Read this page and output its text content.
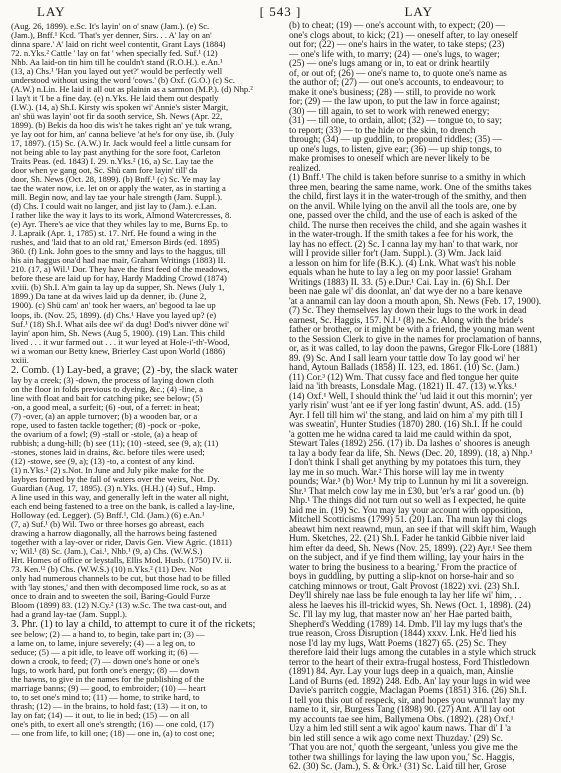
LAY	[ 543 ]	LAY
(Aug. 26, 1899). e.Sc. It's layin' on o' snaw (Jam.). (e) Sc.
(Jam.), Bnff.¹ Kcd. 'That's yer denner, Sirs. . . A' lay on an'
dinna spare.' A' laid on richt weel contentit, Grant Lays (1884)
72. n.Yks.² Cattle ' lay on fat ' when specially fed. Suf.¹ (12)
Nhb. Aa laid-on tin him till he couldn't stand (R.O.H.). e.An.¹
(13, a) Chs.¹ 'Han you layed out yet?' would be perfectly well
understood without using the word 'cows.' (b) Oxf. (G.O.) (c) Sc.
(A.W.) n.Lin. He laid it all out as plainin as a sarmon (M.P.). (d) Nhp.²
I lay't it 'I be a fine day. (e) n.Yks. He laid them out despatly
(I.W.). (14, a) Sh.I. Kirsty wis spoken wi' Annie's sister Margit,
an' shü was layin' oot fir da sooth service, Sh. News (Apr. 22,
1899). (b) Bekis da hoo dis wis't he takes right an' ye tuk wrang,
ye lay oot for him, an' canna believe 'at he's for ony üse, ib. (July
17, 1897). (15) Sc. (A.W.) Ir. Jack would feel a little cunsam for
not being able to lay past anything for the sore foot, Carleton
Traits Peas. (ed. 1843) I. 29. n.Yks.² (16, a) Sc. Lay tae the
door when ye gang oot, Sc. Shü cam fore layin' till' da
door, Sh. News (Oct. 28, 1899). (b) Bnff.¹ (c) Sc. Ye may lay
tae the water now, i.e. let on or apply the water, as in starting a
mill. Begin now, and lay tae your hale strength (Jam. Suppl.).
(d) Chs. I could wait no langer, and jist lay to (Jam.). e.Lan.
I rather like the way it lays to its work, Almond Watercresses, 8.
(e) Ayr. There's ae vice that they whiles lay to me, Burns Ep. to
J. Lapraik (Apr. 1, 1785) st. 17. Nrf. He found a wing in the
rushes, and 'laid that to an old rat,' Emerson Birds (ed. 1895)
360. (f) Lnk. John goes to the smny and lays to the haggus, till
his ain haggus ona'd had nae mair, Graham Writings (1883) II.
210. (17, a) Wil.¹ Dor. They have the first feed of the meadows,
before these are laid up for hay, Hardy Madding Crowd (1874)
xviii. (b) Sh.I. A'm gain ta lay up da supper, Sh. News (July 1,
1899.) Da tane at da wives laid up da denner, ib. (June 2,
1900). (c) Shü cam' an' took her waers, an' begood ta lae up
loops, ib. (Nov. 25, 1899). (d) Chs.¹ Have you layed up? (e)
Suf.¹ (18) Sh.I. What ails dee wi' da dug! Dod's nivver döne wi'
layin' apon him, Sh. News (Aug 5, 1900). (19) Lan. This child
lived . . . it wur farmed out . . . it wur leyed at Hole-i'-th'-Wood,
wi a woman our Betty knew, Brierley Cast upon World (1886)
xxiii.
2. Comb. (1) Lay-bed, a grave; (2) -by, the slack water
lay by a creek; (3) -down, the process of laying down cloth
on the floor in folds previous to dyeing, &c.; (4) -line, a
line with float and bait for catching pike; see below; (5)
-on, a good meal, a surfeit; (6) -out, of a ferret: in heat;
(7) -over, (a) an apple turnover; (b) a wooden bar, or a
rope, used to fasten tackle together; (8) -pock or -poke,
the ovarium of a fowl; (9) -stall or -stole, (a) a heap of
rubbish; a dung-hill; (b) see (11); (10) -steed, see (9, a); (11)
-stones, stones laid in drains, &c. before tiles were used;
(12) -stowe, see (9, a); (13) -to, a contest of any kind.
(1) n.Yks.² (2) s.Not. In June and July pike make for the
laybyes formed by the fall of waters over the weirs, Not. Dy.
Guardian (Aug. 17, 1895). (3) n.Yks. (H.H.) (4) Suf., Hmp.
A line used in this way, and generally left in the water all night,
each end being fastened to a tree on the bank, is called a lay-line,
Holloway (ed. Legger). (5) Bnff.¹, Cld. (Jam.) (6) e.An.¹
(7, a) Suf.¹ (b) Wil. Two or three horses go abreast, each
drawing a harrow diagonally, all the harrows being fastened
together with a lay-over or rider, Davis Gen. View Agric. (1811)
v; Wil.¹ (8) Sc. (Jam.), Cai.¹, Nhb.¹ (9, a) Chs. (W.W.S.)
Hrt. Homes of office or leystalls, Ellis Mod. Husb. (1750) IV. ii.
73. Ken.¹² (b) Chs. (W.W.S.) (10) n.Yks.² (11) Dev. Not
only had numerous channels to be cut, but those had to be filled
with 'lay stones,' and then with decomposed lime rock, so as at
once to drain and to sweeten the soil, Baring-Gould Furze
Bloom (1899) 83. (12) N.Cy.² (13) w.Sc. The twa cast-out, and
had a grand lay-tae (Jam. Suppl.).
3. Phr. (1) to lay a child, to attempt to cure it of the rickets;
see below; (2) — a hand to, to begin, take part in; (3) —
a lame on, to lame, injure severely; (4) — a leg on, to
seduce; (5) — a pit idle, to leave off working it; (6) —
down a crook, to feed; (7) — down one's hone or one's
lugs, to work hard, put forth one's energy; (8) — down
the hawns, to give in the names for the publishing of the
marriage banns; (9) — good, to embroider; (10) — heart
to, to set one's mind to; (11) — home, to strike hard, to
thrash; (12) — in the brains, to hold fast; (13) — it on, to
lay on fat; (14) — it out, to lie in bed; (15) — on all
one's pith, to exert all one's strength; (16) — one cold, (17)
— one from life, to kill one; (18) — one in, (a) to cost one;
(b) to cheat; (19) — one's account with, to expect; (20) —
one's clogs about, to kick; (21) — oneself after, to lay oneself
out for; (22) — one's hairs in the water, to take steps; (23)
— one's life with, to marry; (24) — one's lugs, to wager;
(25) — one's lugs amang or in, to eat or drink heartily
of, or out of; (26) — one's name to, to quote one's name as
the author of; (27) — out one's accounts, to endeavour; to
make it one's business; (28) — still, to provide no work
for; (29) — the law upon, to put the law in force against;
(30) — till again, to set to work with renewed energy;
(31) — till one, to ordain, allot; (32) — tongue to, to say;
to report; (33) — to the hide or the skin, to drench
through; (34) — up guddlin, to propound riddles; (35) —
up one's lugs, to listen, give ear; (36) — up ship tongs, to
make promises to oneself which are never likely to be
realized.
(1) Bnff.¹ The child is taken before sunrise to a smithy in which
three men, bearing the same name, work. One of the smiths takes
the child, first lays it in the water-trough of the smithy, and then
on the anvil. While lying on the anvil all the tools are, one by
one, passed over the child, and the use of each is asked of the
child. The nurse then receives the child, and she again washes it
in the water-trough. If the smith takes a fee for his work, the
lay has no effect. (2) Sc. I canna lay my han' to that wark, nor
will I provide siller for't (Jam. Suppl.). (3) Wm. Jack laid
a lesson on him for life (B.K.). (4) Lnk. What was't his noble
equals whan he hute to lay a leg on my poor lassie! Graham
Writings (1883) II. 33. (5) e.Dur.¹ Cai. Lay in. (6) Sh.I. Der
been nae gale wi' dis doonlat, an' dat wye der no a bare kenave
'at a annamil can lay doon a mouth apon, Sh. News (Feb. 17, 1900).
(7) Sc. They themselves lay down their lugs to the work in dead
earnest, Sc. Haggis, 157. N.I.¹ (8) ne.Sc. Along with the bride's
father or brother, or it might be with a friend, the young man went
to the Session Clerk to give in the names for proclamation of banns,
or, as it was called, to lay doon the pawns, Gregor Flk-Lore (1881)
89. (9) Sc. And I sall learn your tattle dow To lay good wi' her
hand, Aytoun Ballads (1858) II. 123, ed. 1861. (10) Sc. (Jam.)
(11) Cor.³ (12) Wm. That cussy face and fled tongue her quite
laid na 'ith breasts, Lonsdale Mag. (1821) II. 47. (13) w.Yks.¹
(14) Oxf.¹ Well, I should think the' 'ud laid it out this mornin'; yer
yarly risin' wust 'ant ee if yer long fastin' dwunt, AS. add. (15)
Ayr. I fell till him wi' the stang, and laid on him a' my pith till I
was sweatin', Hunter Studies (1870) 280. (16) Sh.I. If he could
'a gotten me he widna cared ta laid me cauld within da spot,
Stewart Tales (1892) 256. (17) ib. Da lashes o' shoores is aneugh
ta lay a body fear da life, Sh. News (Dec. 20, 1899). (18, a) Nhp.¹
I don't think I shall get anything by my potatoes this turn, they
lay me in so much. War.² This horse will lay me in twenty
pounds; War.³ (b) Wor.¹ My trip to Lunnun hy mi lit a sovereign.
Shr.¹ That melch cow lay me in £30, but 'er's a rar' good un. (b)
Nhp.¹ The things did not turn out so well as I expected, he quite
laid me in. (19) Sc. You may lay your account with opposition,
Mitchell Scotticisms (1799) 51. (20) Lan. Tha mun lay thi clogs
abeawt him next reawnd, mun, an see if that will skift him, Waugh
Hum. Sketches, 22. (21) Sh.I. Fader he tankid Gibbie niver laid
him efter da deed, Sh. News (Nov. 25, 1899). (22) Ayr.¹ See them
on the subject, and if ye find them willing, lay your hairs in the
water to bring the business to a bearing.' From the practice of
boys in guddling, by putting a slip-knot on horse-hair and so
catching minnows or trout, Galt Provost (1822) xvi. (23) Sh.I.
Dey'll shirely nae lass be fule enough ta lay her life wi' him, . .
aless he laeves his ill-trickid wyes, Sh. News (Oct. 1, 1898). (24)
Sc. I'll lay my lug, that master now an' her Hae parted baith,
Shepherd's Wedding (1789) 14. Dmb. I'll lay my lugs that's the
true reason, Cross Disruption (1844) xxxv. Lnk. He'd lied his
nose I'd lay my lugs, Watt Poems (1827) 65. (25) Sc. They
therefore laid their lugs among the cutables in a style which struck
terror to the heart of their extra-frugal hostess, Ford Thistledown
(1891) 84. Ayr. Lay your lugs deep in a quaich, man, Ainslie
Land of Burns (ed. 1892) 248. Edb. An' lay your lugs in wid wee
Davie's parritch coggie, Maclagan Poems (1851) 316. (26) Sh.I.
I tell you this out of respeck, sir, and hopes you wunna't lay my
name to it, sir, Burgess Tang (1898) 90. (27) Ant. A'll lay oot
my accounts tae see him, Ballymena Obs. (1892). (28) Oxf.¹
Uzy a him led still sent a wik agoo' kaum naws. Thar di' I 'a
bin led still sence a wik ago come next Thuzday.' (29) Sc.
'That you are not,' quoth the sergeant, 'unless you give me the
tother twa shillings for laying the law upon you,' Sc. Haggis,
62. (30) Sc. (Jam.), S. & Ork.¹ (31) Sc. Laid till her, Grose
